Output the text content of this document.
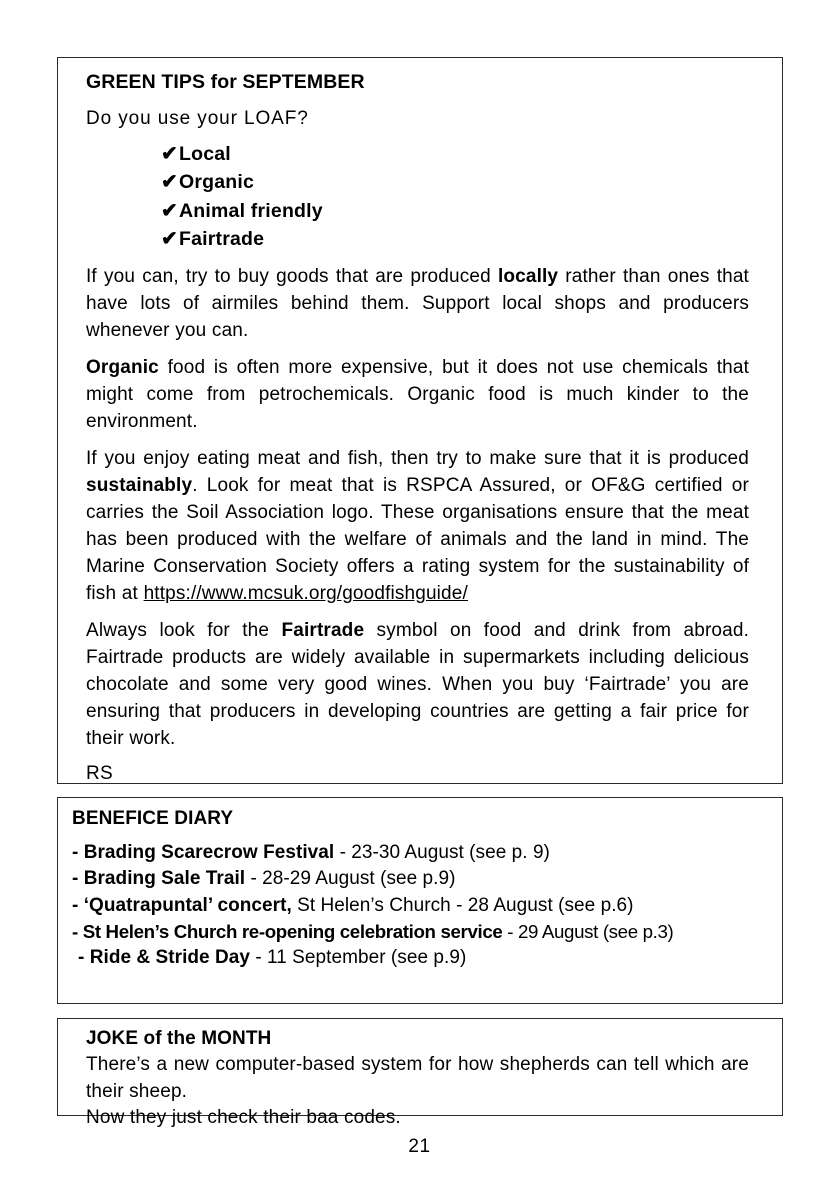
GREEN TIPS for SEPTEMBER

Do you use your LOAF?

✔Local
✔Organic
✔Animal friendly
✔Fairtrade

If you can, try to buy goods that are produced locally rather than ones that have lots of airmiles behind them. Support local shops and producers whenever you can.

Organic food is often more expensive, but it does not use chemicals that might come from petrochemicals. Organic food is much kinder to the environment.

If you enjoy eating meat and fish, then try to make sure that it is produced sustainably. Look for meat that is RSPCA Assured, or OF&G certified or carries the Soil Association logo. These organisations ensure that the meat has been produced with the welfare of animals and the land in mind. The Marine Conservation Society offers a rating system for the sustainability of fish at https://www.mcsuk.org/goodfishguide/

Always look for the Fairtrade symbol on food and drink from abroad. Fairtrade products are widely available in supermarkets including delicious chocolate and some very good wines. When you buy ‘Fairtrade’ you are ensuring that producers in developing countries are getting a fair price for their work.

RS

BENEFICE DIARY
- Brading Scarecrow Festival - 23-30 August (see p. 9)
- Brading Sale Trail - 28-29 August (see p.9)
- ‘Quatrapuntal’ concert, St Helen’s Church - 28 August (see p.6)
- St Helen’s Church re-opening celebration service - 29 August (see p.3)
- Ride & Stride Day - 11 September (see p.9)
JOKE of the MONTH

There’s a new computer-based system for how shepherds can tell which are their sheep.

Now they just check their baa codes.

21
